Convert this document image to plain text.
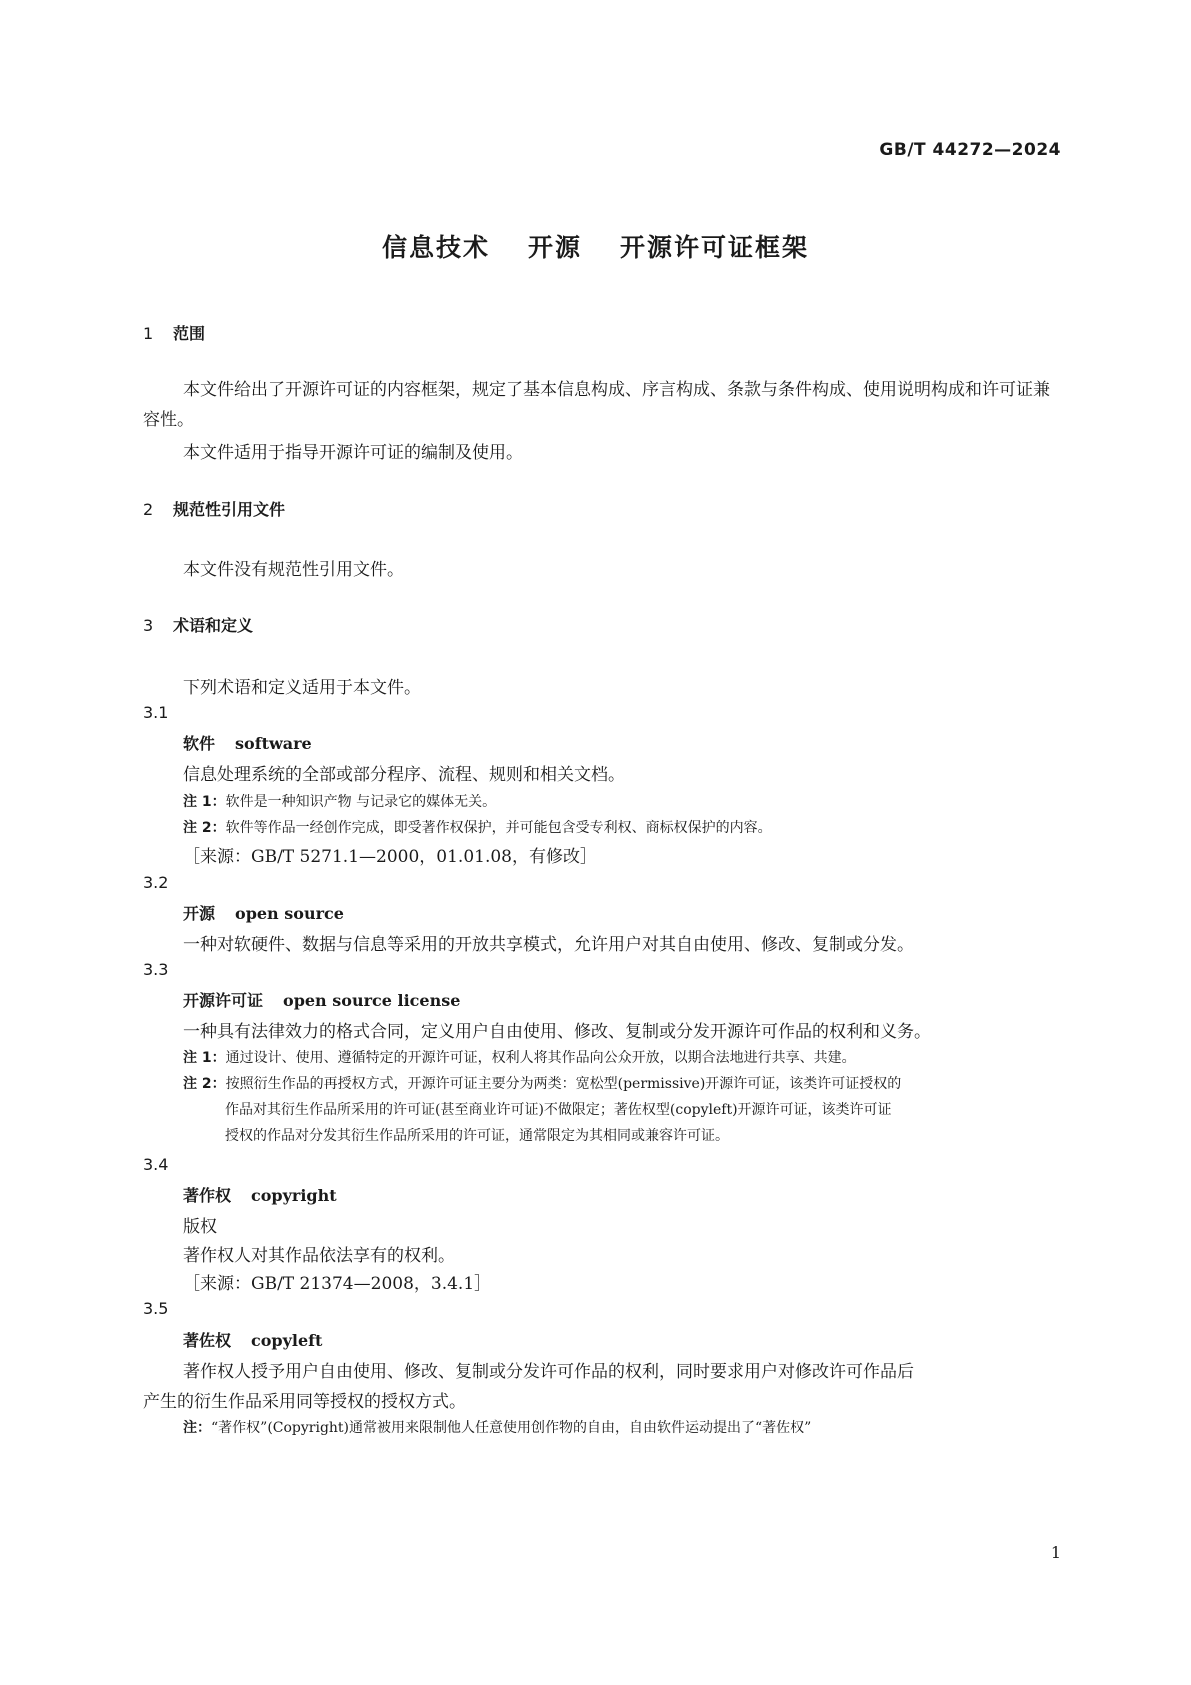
GB/T 44272—2024
信息技术 开源 开源许可证框架
1 范围
本文件给出了开源许可证的内容框架，规定了基本信息构成、序言构成、条款与条件构成、使用说明构成和许可证兼容性。
本文件适用于指导开源许可证的编制及使用。
2 规范性引用文件
本文件没有规范性引用文件。
3 术语和定义
下列术语和定义适用于本文件。
3.1
软件 software
信息处理系统的全部或部分程序、流程、规则和相关文档。
注 1：软件是一种知识产物 与记录它的媒体无关。
注 2：软件等作品一经创作完成，即受著作权保护，并可能包含受专利权、商标权保护的内容。
［来源：GB/T 5271.1—2000，01.01.08，有修改］
3.2
开源 open source
一种对软硬件、数据与信息等采用的开放共享模式，允许用户对其自由使用、修改、复制或分发。
3.3
开源许可证 open source license
一种具有法律效力的格式合同，定义用户自由使用、修改、复制或分发开源许可作品的权利和义务。
注 1：通过设计、使用、遵循特定的开源许可证，权利人将其作品向公众开放，以期合法地进行共享、共建。
注 2：按照衍生作品的再授权方式，开源许可证主要分为两类：宽松型(permissive)开源许可证，该类许可证授权的
作品对其衍生作品所采用的许可证(甚至商业许可证)不做限定；著佐权型(copyleft)开源许可证，该类许可证
授权的作品对分发其衍生作品所采用的许可证，通常限定为其相同或兼容许可证。
3.4
著作权 copyright
版权
著作权人对其作品依法享有的权利。
［来源：GB/T 21374—2008，3.4.1］
3.5
著佐权 copyleft
著作权人授予用户自由使用、修改、复制或分发许可作品的权利，同时要求用户对修改许可作品后
产生的衍生作品采用同等授权的授权方式。
注：“著作权”(Copyright)通常被用来限制他人任意使用创作物的自由，自由软件运动提出了“著佐权”
1
